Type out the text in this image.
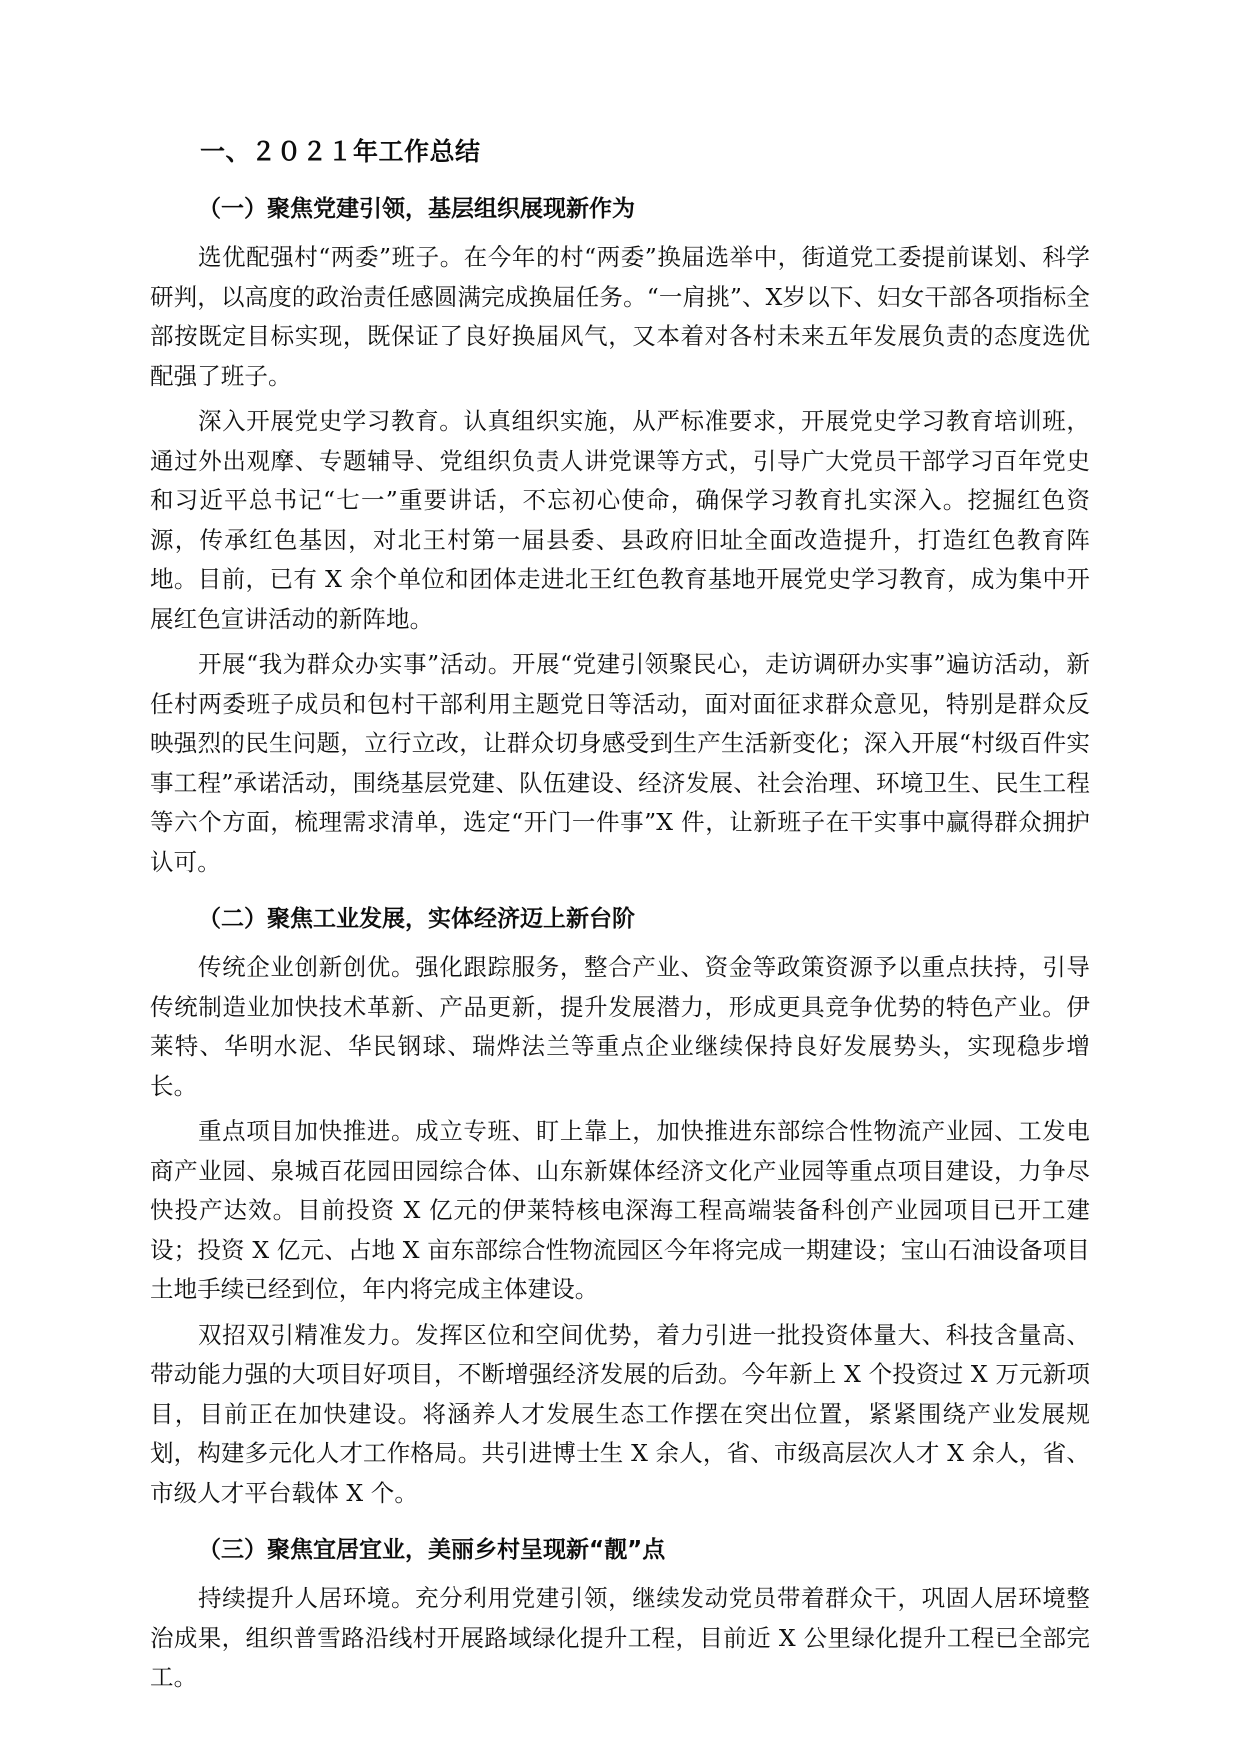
一、２０２１年工作总结
（一）聚焦党建引领，基层组织展现新作为

选优配强村“两委”班子。在今年的村“两委”换届选举中，街道党工委提前谋划、科学研判，以高度的政治责任感圆满完成换届任务。“一肩挑”、X岁以下、妇女干部各项指标全部按既定目标实现，既保证了良好换届风气，又本着对各村未来五年发展负责的态度选优配强了班子。

深入开展党史学习教育。认真组织实施，从严标准要求，开展党史学习教育培训班，通过外出观摩、专题辅导、党组织负责人讲党课等方式，引导广大党员干部学习百年党史和习近平总书记“七一”重要讲话，不忘初心使命，确保学习教育扎实深入。挖掘红色资源，传承红色基因，对北王村第一届县委、县政府旧址全面改造提升，打造红色教育阵地。目前，已有 X 余个单位和团体走进北王红色教育基地开展党史学习教育，成为集中开展红色宣讲活动的新阵地。

开展“我为群众办实事”活动。开展“党建引领聚民心，走访调研办实事”遍访活动，新任村两委班子成员和包村干部利用主题党日等活动，面对面征求群众意见，特别是群众反映强烈的民生问题，立行立改，让群众切身感受到生产生活新变化；深入开展“村级百件实事工程”承诺活动，围绕基层党建、队伍建设、经济发展、社会治理、环境卫生、民生工程等六个方面，梳理需求清单，选定“开门一件事”X 件，让新班子在干实事中赢得群众拥护认可。

（二）聚焦工业发展，实体经济迈上新台阶

传统企业创新创优。强化跟踪服务，整合产业、资金等政策资源予以重点扶持，引导传统制造业加快技术革新、产品更新，提升发展潜力，形成更具竞争优势的特色产业。伊莱特、华明水泥、华民钢球、瑞烨法兰等重点企业继续保持良好发展势头，实现稳步增长。

重点项目加快推进。成立专班、盯上靠上，加快推进东部综合性物流产业园、工发电商产业园、泉城百花园田园综合体、山东新媒体经济文化产业园等重点项目建设，力争尽快投产达效。目前投资 X 亿元的伊莱特核电深海工程高端装备科创产业园项目已开工建设；投资 X 亿元、占地 X 亩东部综合性物流园区今年将完成一期建设；宝山石油设备项目土地手续已经到位，年内将完成主体建设。

双招双引精准发力。发挥区位和空间优势，着力引进一批投资体量大、科技含量高、带动能力强的大项目好项目，不断增强经济发展的后劲。今年新上 X 个投资过 X 万元新项目，目前正在加快建设。将涵养人才发展生态工作摆在突出位置，紧紧围绕产业发展规划，构建多元化人才工作格局。共引进博士生 X 余人，省、市级高层次人才 X 余人，省、市级人才平台载体 X 个。

（三）聚焦宜居宜业，美丽乡村呈现新“靓”点

持续提升人居环境。充分利用党建引领，继续发动党员带着群众干，巩固人居环境整治成果，组织普雪路沿线村开展路域绿化提升工程，目前近 X 公里绿化提升工程已全部完工。
